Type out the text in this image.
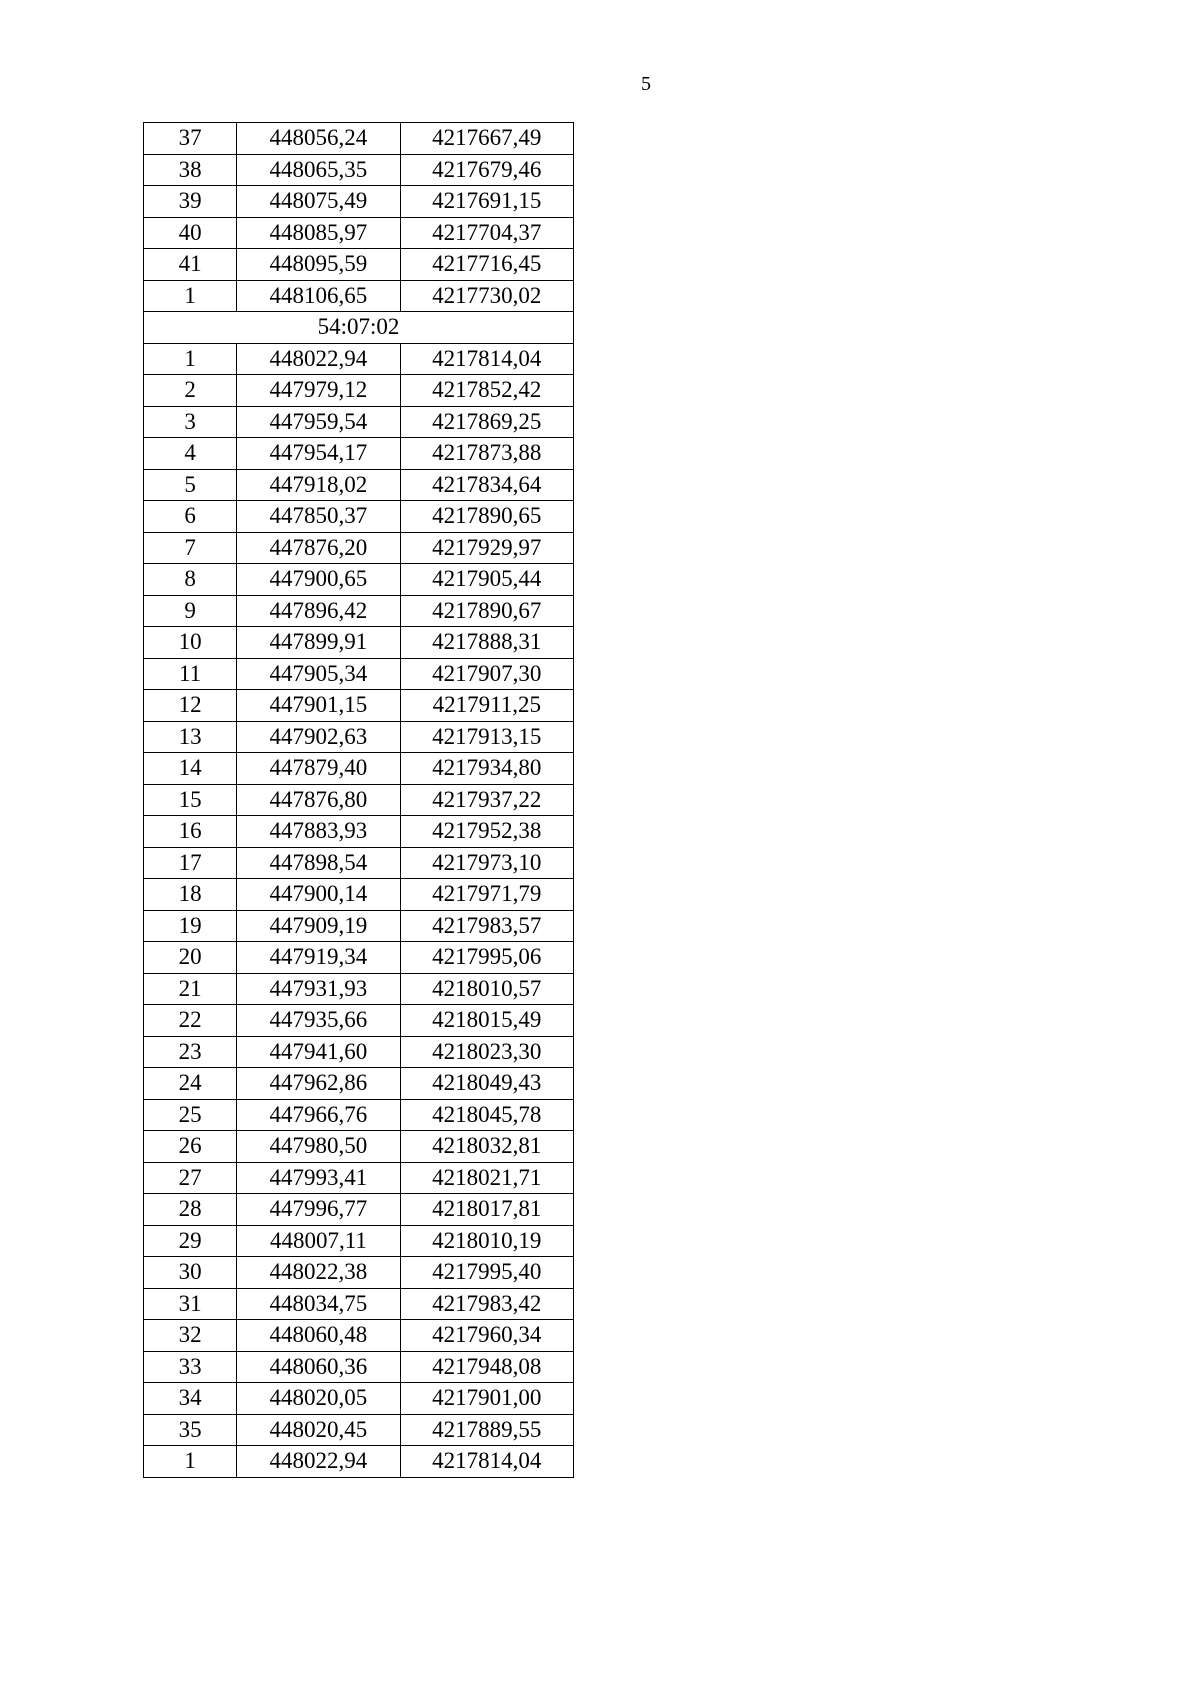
5
37	448056,24	4217667,49
38	448065,35	4217679,46
39	448075,49	4217691,15
40	448085,97	4217704,37
41	448095,59	4217716,45
1	448106,65	4217730,02
54:07:02		
1	448022,94	4217814,04
2	447979,12	4217852,42
3	447959,54	4217869,25
4	447954,17	4217873,88
5	447918,02	4217834,64
6	447850,37	4217890,65
7	447876,20	4217929,97
8	447900,65	4217905,44
9	447896,42	4217890,67
10	447899,91	4217888,31
11	447905,34	4217907,30
12	447901,15	4217911,25
13	447902,63	4217913,15
14	447879,40	4217934,80
15	447876,80	4217937,22
16	447883,93	4217952,38
17	447898,54	4217973,10
18	447900,14	4217971,79
19	447909,19	4217983,57
20	447919,34	4217995,06
21	447931,93	4218010,57
22	447935,66	4218015,49
23	447941,60	4218023,30
24	447962,86	4218049,43
25	447966,76	4218045,78
26	447980,50	4218032,81
27	447993,41	4218021,71
28	447996,77	4218017,81
29	448007,11	4218010,19
30	448022,38	4217995,40
31	448034,75	4217983,42
32	448060,48	4217960,34
33	448060,36	4217948,08
34	448020,05	4217901,00
35	448020,45	4217889,55
1	448022,94	4217814,04
